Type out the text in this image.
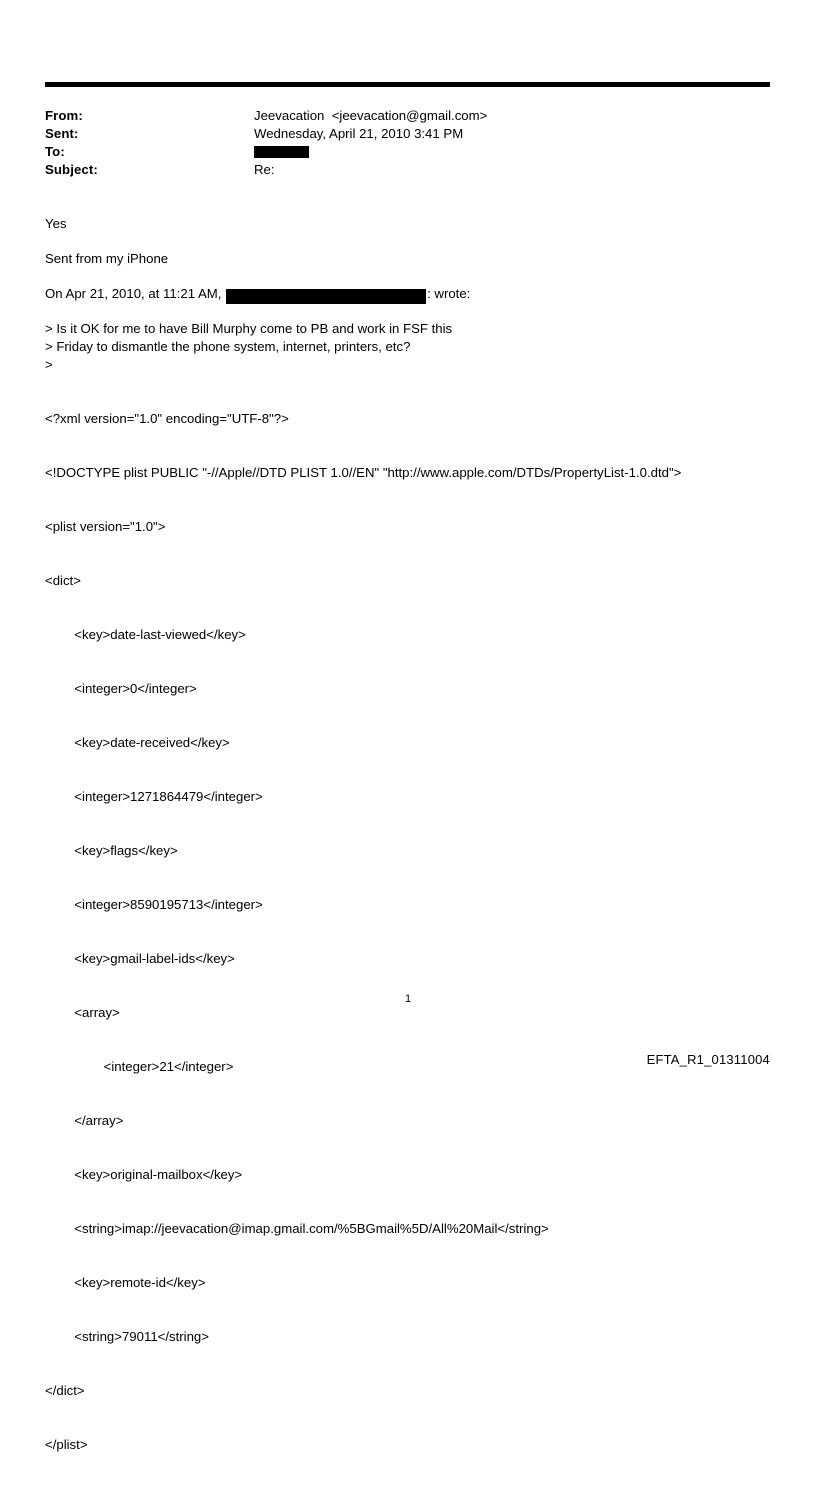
From:	Jeevacation  <jeevacation@gmail.com>
Sent:	Wednesday, April 21, 2010 3:41 PM
To:
Subject:	Re:

Yes

Sent from my iPhone

On Apr 21, 2010, at 11:21 AM,	: wrote:

> Is it OK for me to have Bill Murphy come to PB and work in FSF this
> Friday to dismantle the phone system, internet, printers, etc?
>

<?xml version="1.0" encoding="UTF-8"?>

<!DOCTYPE plist PUBLIC "-//Apple//DTD PLIST 1.0//EN" "http://www.apple.com/DTDs/PropertyList-1.0.dtd">

<plist version="1.0">

<dict>

<key>date-last-viewed</key>

<integer>0</integer>

<key>date-received</key>

<integer>1271864479</integer>

<key>flags</key>

<integer>8590195713</integer>

<key>gmail-label-ids</key>

<array>

<integer>21</integer>

</array>

<key>original-mailbox</key>

<string>imap://jeevacation@imap.gmail.com/%5BGmail%5D/All%20Mail</string>

<key>remote-id</key>

<string>79011</string>

</dict>

</plist>

1
EFTA_R1_01311004
